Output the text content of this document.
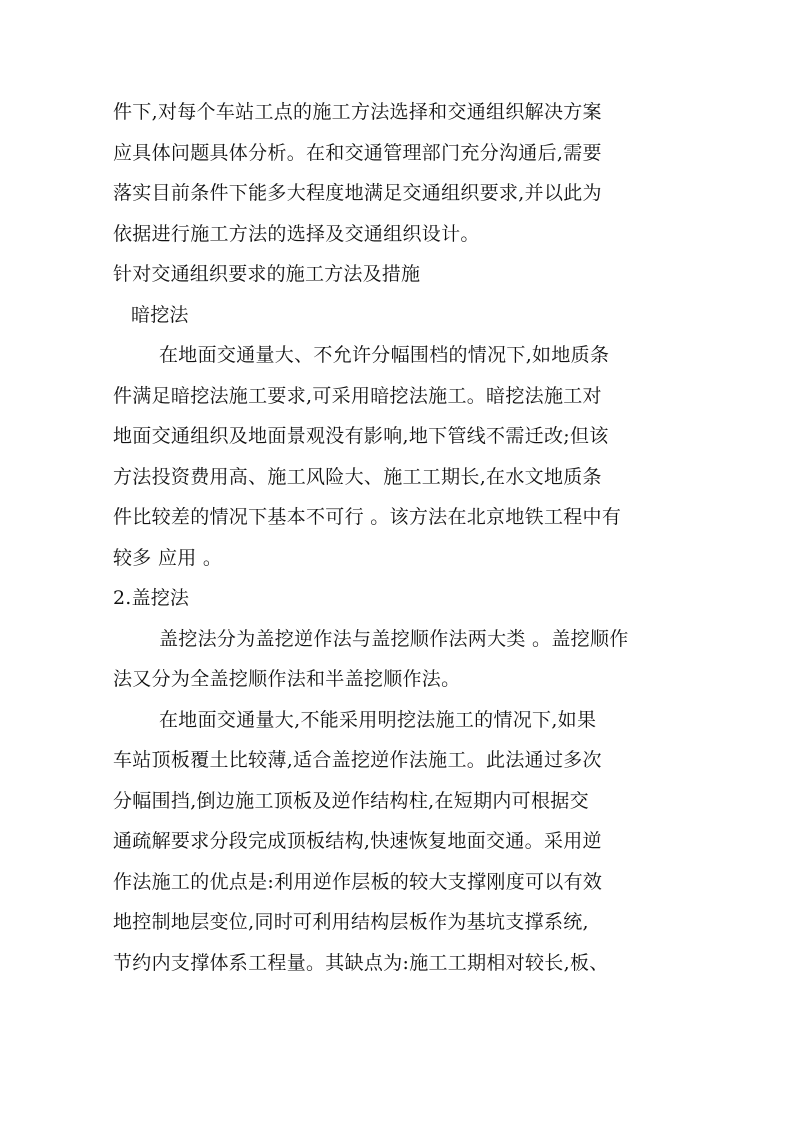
件下,对每个车站工点的施工方法选择和交通组织解决方案
应具体问题具体分析。在和交通管理部门充分沟通后,需要
落实目前条件下能多大程度地满足交通组织要求,并以此为
依据进行施工方法的选择及交通组织设计。
针对交通组织要求的施工方法及措施
暗挖法
在地面交通量大、不允许分幅围档的情况下,如地质条
件满足暗挖法施工要求,可采用暗挖法施工。暗挖法施工对
地面交通组织及地面景观没有影响,地下管线不需迁改;但该
方法投资费用高、施工风险大、施工工期长,在水文地质条
件比较差的情况下基本不可行 。该方法在北京地铁工程中有
较多 应用 。
2.盖挖法
盖挖法分为盖挖逆作法与盖挖顺作法两大类 。盖挖顺作
法又分为全盖挖顺作法和半盖挖顺作法。
在地面交通量大,不能采用明挖法施工的情况下,如果
车站顶板覆土比较薄,适合盖挖逆作法施工。此法通过多次
分幅围挡,倒边施工顶板及逆作结构柱,在短期内可根据交
通疏解要求分段完成顶板结构,快速恢复地面交通。采用逆
作法施工的优点是:利用逆作层板的较大支撑刚度可以有效
地控制地层变位,同时可利用结构层板作为基坑支撑系统,
节约内支撑体系工程量。其缺点为:施工工期相对较长,板、
